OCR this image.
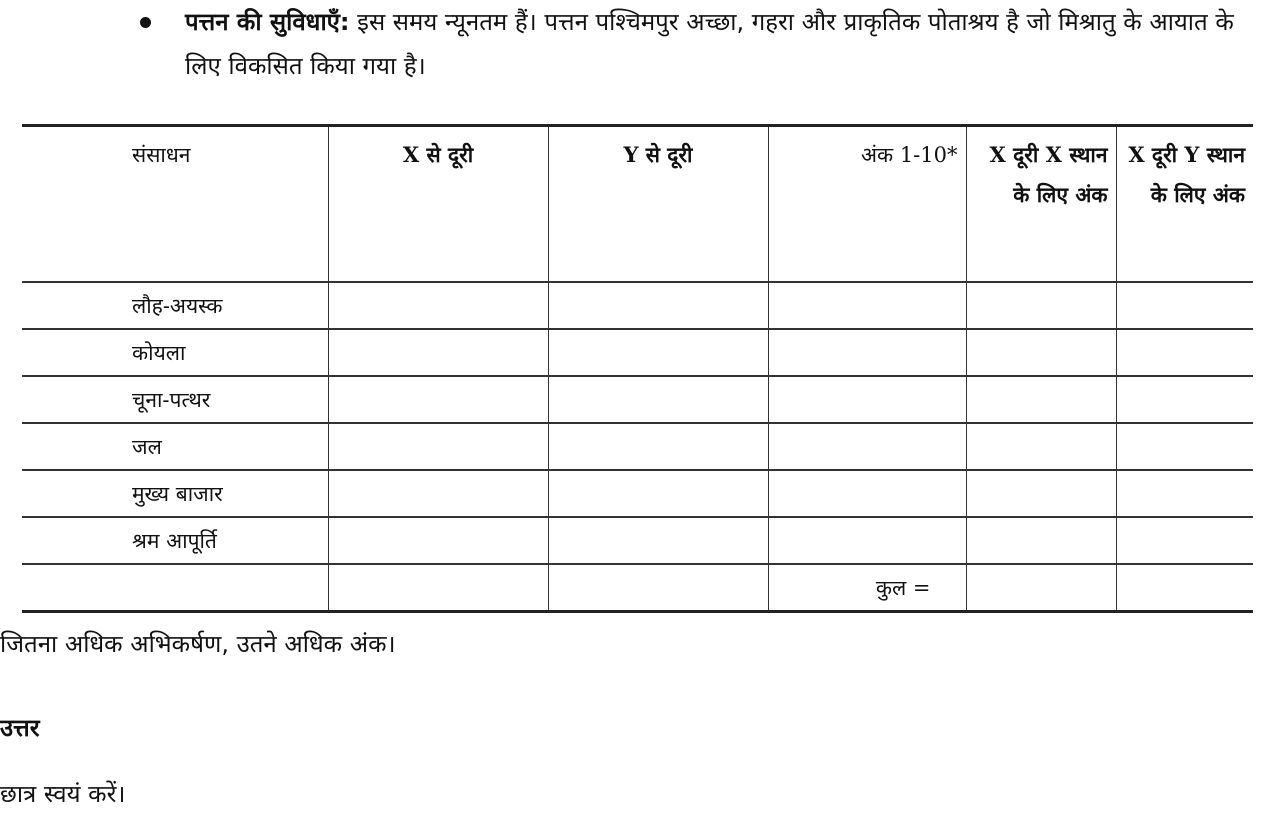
पत्तन की सुविधाएँ: इस समय न्यूनतम हैं। पत्तन पश्चिमपुर अच्छा, गहरा और प्राकृतिक पोताश्रय है जो मिश्रातु के आयात के लिए विकसित किया गया है।
संसाधन	X से दूरी	Y से दूरी	अंक 1-10*	X दूरी X स्थान के लिए अंक	X दूरी Y स्थान के लिए अंक
लौह-अयस्क					
कोयला					
चूना-पत्थर					
जल					
मुख्य बाजार					
श्रम आपूर्ति					
			कुल =		
जितना अधिक अभिकर्षण, उतने अधिक अंक।
उत्तर
छात्र स्वयं करें।
